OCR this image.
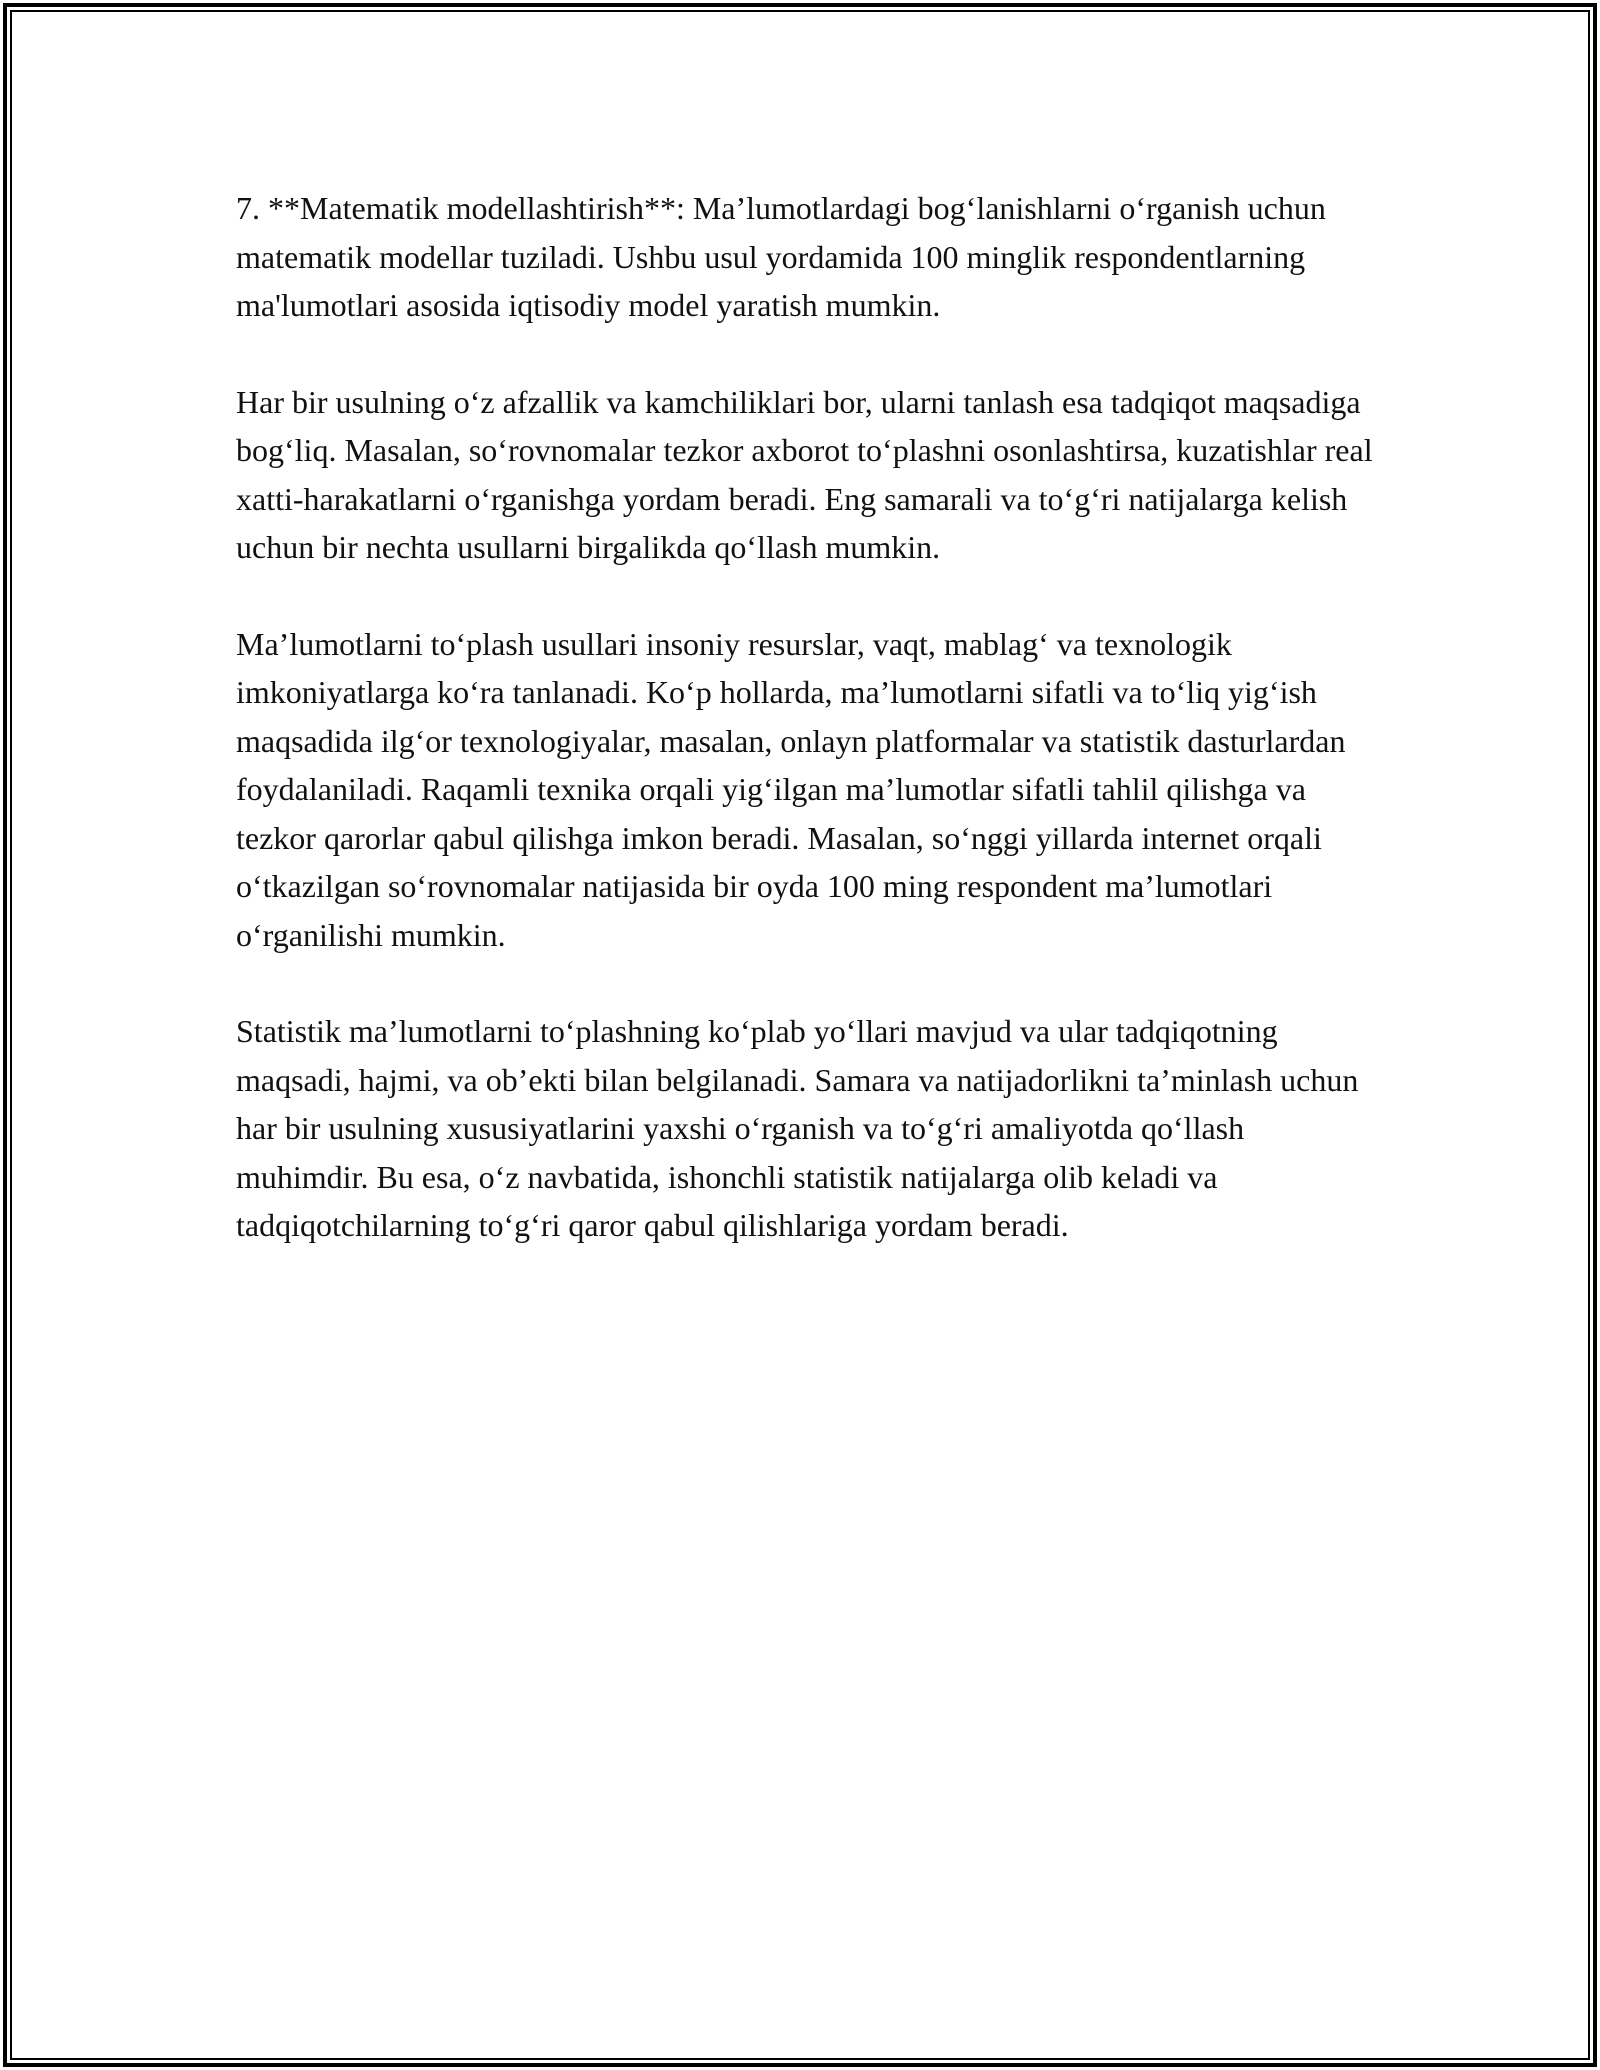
7. **Matematik modellashtirish**: Ma’lumotlardagi bog‘lanishlarni o‘rganish uchun matematik modellar tuziladi. Ushbu usul yordamida 100 minglik respondentlarning ma'lumotlari asosida iqtisodiy model yaratish mumkin.

Har bir usulning o‘z afzallik va kamchiliklari bor, ularni tanlash esa tadqiqot maqsadiga bog‘liq. Masalan, so‘rovnomalar tezkor axborot to‘plashni osonlashtirsa, kuzatishlar real xatti-harakatlarni o‘rganishga yordam beradi. Eng samarali va to‘g‘ri natijalarga kelish uchun bir nechta usullarni birgalikda qo‘llash mumkin.

Ma’lumotlarni to‘plash usullari insoniy resurslar, vaqt, mablag‘ va texnologik imkoniyatlarga ko‘ra tanlanadi. Ko‘p hollarda, ma’lumotlarni sifatli va to‘liq yig‘ish maqsadida ilg‘or texnologiyalar, masalan, onlayn platformalar va statistik dasturlardan foydalaniladi. Raqamli texnika orqali yig‘ilgan ma’lumotlar sifatli tahlil qilishga va tezkor qarorlar qabul qilishga imkon beradi. Masalan, so‘nggi yillarda internet orqali o‘tkazilgan so‘rovnomalar natijasida bir oyda 100 ming respondent ma’lumotlari o‘rganilishi mumkin.

Statistik ma’lumotlarni to‘plashning ko‘plab yo‘llari mavjud va ular tadqiqotning maqsadi, hajmi, va ob’ekti bilan belgilanadi. Samara va natijadorlikni ta’minlash uchun har bir usulning xususiyatlarini yaxshi o‘rganish va to‘g‘ri amaliyotda qo‘llash muhimdir. Bu esa, o‘z navbatida, ishonchli statistik natijalarga olib keladi va tadqiqotchilarning to‘g‘ri qaror qabul qilishlariga yordam beradi.
